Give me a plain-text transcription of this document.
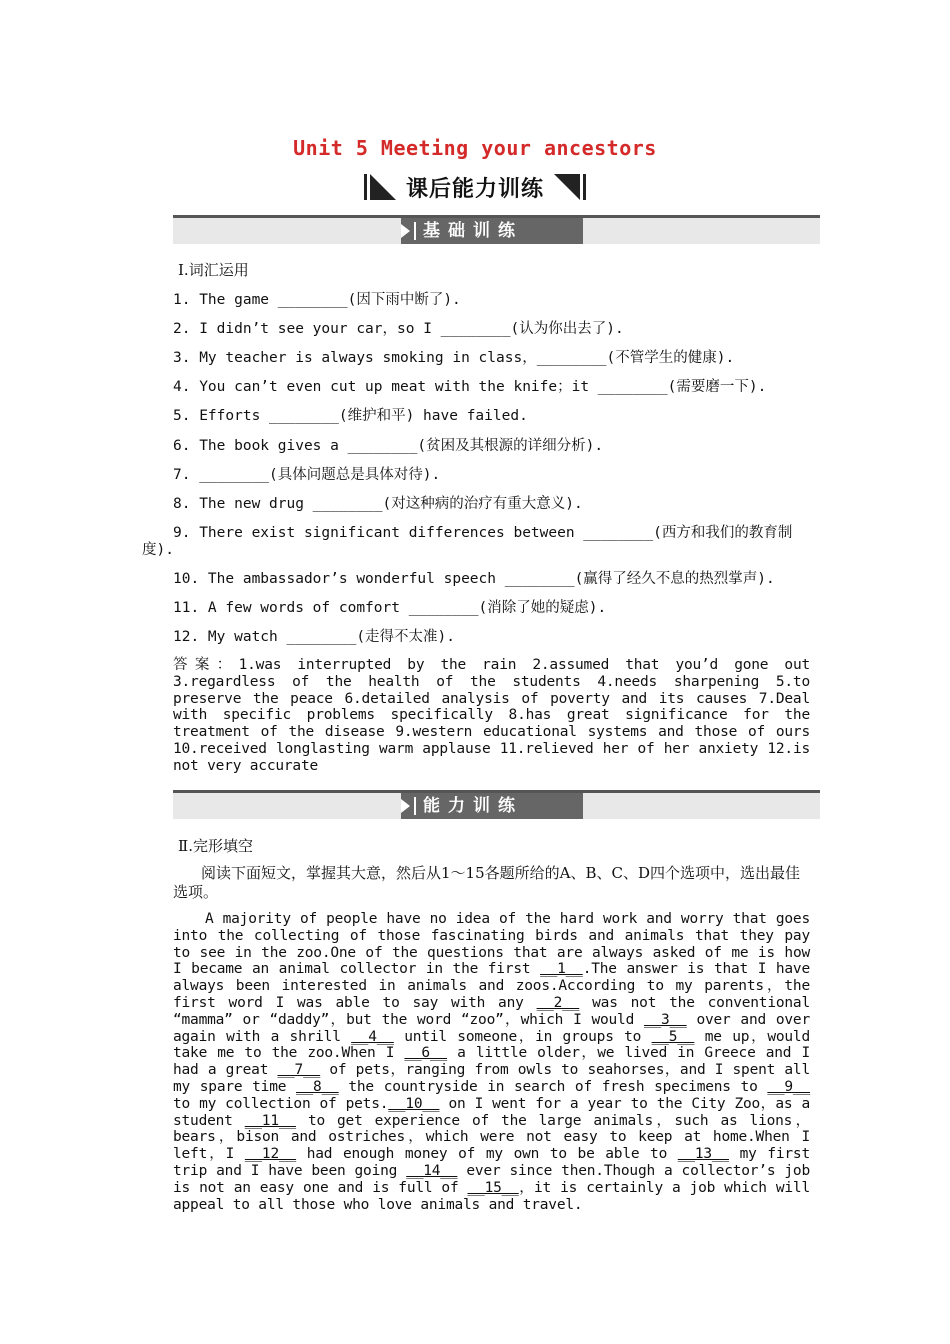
Unit 5 Meeting your ancestors
课后能力训练
基础训练
Ⅰ.词汇运用
1. The game ________(因下雨中断了).
2. I didn’t see your car，so I ________(认为你出去了).
3. My teacher is always smoking in class，________(不管学生的健康).
4. You can’t even cut up meat with the knife；it ________(需要磨一下).
5. Efforts ________(维护和平) have failed.
6. The book gives a ________(贫困及其根源的详细分析).
7. ________(具体问题总是具体对待).
8. The new drug ________(对这种病的治疗有重大意义).
9. There exist significant differences between ________(西方和我们的教育制
度).
10. The ambassador’s wonderful speech ________(赢得了经久不息的热烈掌声).
11. A few words of comfort ________(消除了她的疑虑).
12. My watch ________(走得不太准).
答案：1.was interrupted by the rain 2.assumed that you’d gone out 3.regardless of the health of the students 4.needs sharpening 5.to preserve the peace 6.detailed analysis of poverty and its causes 7.Deal with specific problems specifically 8.has great significance for the treatment of the disease 9.western educational systems and those of ours 10.received longlasting warm applause 11.relieved her of her anxiety 12.is not very accurate
能力训练
Ⅱ.完形填空
阅读下面短文，掌握其大意，然后从1～15各题所给的A、B、C、D四个选项中，选出最佳选项。
A majority of people have no idea of the hard work and worry that goes into the collecting of those fascinating birds and animals that they pay to see in the zoo.One of the questions that are always asked of me is how I became an animal collector in the first __1__.The answer is that I have always been interested in animals and zoos.According to my parents，the first word I was able to say with any __2__ was not the conventional “mamma” or “daddy”，but the word “zoo”，which I would __3__ over and over again with a shrill __4__ until someone，in groups to __5__ me up，would take me to the zoo.When I __6__ a little older，we lived in Greece and I had a great __7__ of pets，ranging from owls to seahorses，and I spent all my spare time __8__ the countryside in search of fresh specimens to __9__ to my collection of pets.__10__ on I went for a year to the City Zoo，as a student __11__ to get experience of the large animals，such as lions，bears，bison and ostriches，which were not easy to keep at home.When I left，I __12__ had enough money of my own to be able to __13__ my first trip and I have been going __14__ ever since then.Though a collector’s job is not an easy one and is full of __15__，it is certainly a job which will appeal to all those who love animals and travel.
